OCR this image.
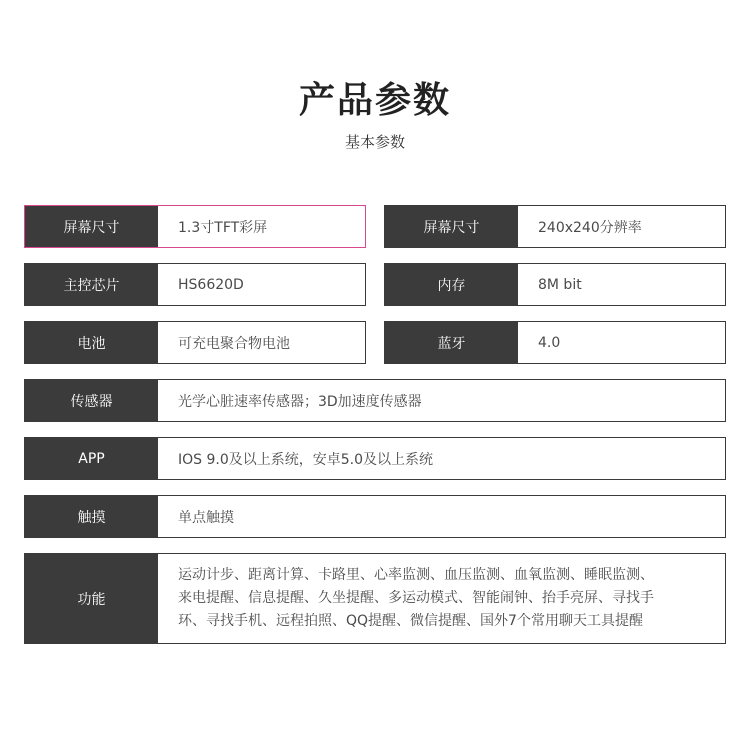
产品参数
基本参数
屏幕尺寸	1.3寸TFT彩屏	屏幕尺寸	240x240分辨率
主控芯片	HS6620D	内存	8M bit
电池	可充电聚合物电池	蓝牙	4.0
传感器	光学心脏速率传感器；3D加速度传感器
APP	IOS 9.0及以上系统，安卓5.0及以上系统
触摸	单点触摸
功能
运动计步、距离计算、卡路里、心率监测、血压监测、血氧监测、睡眠监测、
来电提醒、信息提醒、久坐提醒、多运动模式、智能闹钟、抬手亮屏、寻找手
环、寻找手机、远程拍照、QQ提醒、微信提醒、国外7个常用聊天工具提醒
